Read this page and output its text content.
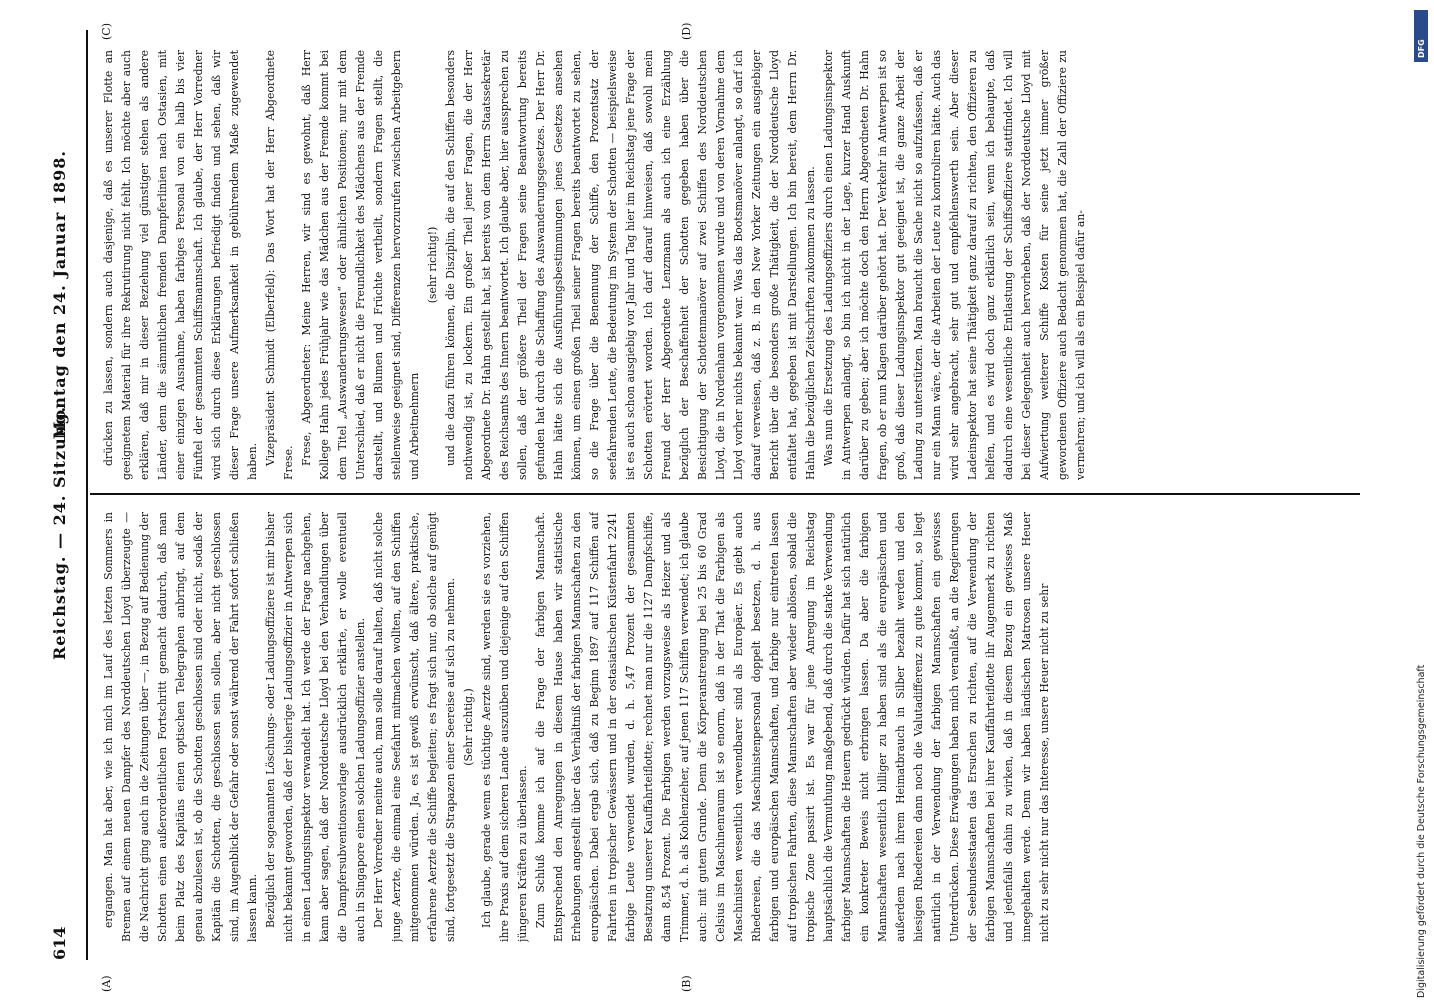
614
Reichstag. — 24. Sitzung.
Montag den 24. Januar 1898.
(A)	(B)
(C)	(D)

ergangen. Man hat aber, wie ich mich im Lauf des letzten Sommers in Bremen auf einem neuen Dampfer des Norddeutschen Lloyd überzeugte — die Nachricht ging auch in die Zeitungen über —, in Bezug auf Bedienung der Schotten einen außerordentlichen Fortschritt gemacht dadurch, daß man beim Platz des Kapitäns einen optischen Telegraphen anbringt, auf dem genau abzulesen ist, ob die Schotten geschlossen sind oder nicht, sodaß der Kapitän die Schotten, die geschlossen sein sollen, aber nicht geschlossen sind, im Augenblick der Gefahr oder sonst während der Fahrt sofort schließen lassen kann. Bezüglich der sogenannten Löschungs- oder Ladungsoffiziere ist mir bisher nicht bekannt geworden, daß der bisherige Ladungsoffizier in Antwerpen sich in einen Ladungsinspektor verwandelt hat. Ich werde der Frage nachgehen, kann aber sagen, daß der Norddeutsche Lloyd bei den Verhandlungen über die Dampfersubventionsvorlage ausdrücklich erklärte, er wolle eventuell auch in Singapore einen solchen Ladungsoffizier anstellen. Der Herr Vorredner meinte auch, man solle darauf halten, daß nicht solche junge Aerzte, die einmal eine Seefahrt mitmachen wollten, auf den Schiffen mitgenommen würden. Ja, es ist gewiß erwünscht, daß ältere, praktische, erfahrene Aerzte die Schiffe begleiten; es fragt sich nur, ob solche auf genügt sind, fortgesetzt die Strapazen einer Seereise auf sich zu nehmen. (Sehr richtig.) Ich glaube, gerade wenn es tüchtige Aerzte sind, werden sie es vorziehen, ihre Praxis auf dem sicheren Lande auszuüben und diejenige auf den Schiffen jüngeren Kräften zu überlassen. Zum Schluß komme ich auf die Frage der farbigen Mannschaft. Entsprechend den Anregungen in diesem Hause haben wir statistische Erhebungen angestellt über das Verhältniß der farbigen Mannschaften zu den europäischen. Dabei ergab sich, daß zu Beginn 1897 auf 117 Schiffen auf Fahrten in tropischer Gewässern und in der ostasiatischen Küstenfahrt 2241 farbige Leute verwendet wurden, d. h. 5,47 Prozent der gesammten Besatzung unserer Kauffahrteiflotte; rechnet man nur die 1127 Dampfschiffe, dann 8,54 Prozent. Die Farbigen werden vorzugsweise als Heizer und als Trimmer, d. h. als Kohlenzieher, auf jenen 117 Schiffen verwendet; ich glaube auch: mit gutem Grunde. Denn die Körperanstrengung bei 25 bis 60 Grad Celsius im Maschinenraum ist so enorm, daß in der That die Farbigen als Maschinisten wesentlich verwendbarer sind als Europäer. Es giebt auch Rhedereien, die das Maschinistenpersonal doppelt besetzen, d. h. aus farbigen und europäischen Mannschaften, und farbige nur eintreten lassen auf tropischen Fahrten, diese Mannschaften aber wieder ablösen, sobald die tropische Zone passirt ist. Es war für jene Anregung im Reichstag hauptsächlich die Vermuthung maßgebend, daß durch die starke Verwendung farbiger Mannschaften die Heuern gedrückt würden. Dafür hat sich natürlich ein konkreter Beweis nicht erbringen lassen. Da aber die farbigen Mannschaften wesentlich billiger zu haben sind als die europäischen und außerdem nach ihrem Heimatbrauch in Silber bezahlt werden und den hiesigen Rhedereien dann noch die Valutadifferenz zu gute kommt, so liegt natürlich in der Verwendung der farbigen Mannschaften ein gewisses Unterdrücken. Diese Erwägungen haben mich veranlaßt, an die Regierungen der Seebundesstaaten das Ersuchen zu richten, auf die Verwendung der farbigen Mannschaften bei ihrer Kauffahrteiflotte ihr Augenmerk zu richten und jedenfalls dahin zu wirken, daß in diesem Bezug ein gewisses Maß innegehalten werde. Denn wir haben ländischen Matrosen unsere Heuer nicht zu sehr nicht nur das Interesse, unsere Heuer nicht zu sehr

drücken zu lassen, sondern auch dasjenige, daß es unserer Flotte an geeignetem Material für ihre Rekrutirung nicht fehlt. Ich möchte aber auch erklären, daß mir in dieser Beziehung viel günstiger stehen als andere Länder, denn die sämmtlichen fremden Dampferlinien nach Ostasien, mit einer einzigen Ausnahme, haben farbiges Personal von ein halb bis vier Fünftel der gesammten Schiffsmannschaft. Ich glaube, der Herr Vorredner wird sich durch diese Erklärungen befriedigt finden und sehen, daß wir dieser Frage unsere Aufmerksamkeit in gebührendem Maße zugewendet haben. Vizepräsident Schmidt (Elberfeld): Das Wort hat der Herr Abgeordnete Frese. Frese, Abgeordneter: Meine Herren, wir sind es gewohnt, daß Herr Kollege Hahn jedes Frühjahr wie das Mädchen aus der Fremde kommt bei dem Titel „Auswanderungswesen“ oder ähnlichen Positionen; nur mit dem Unterschied, daß er nicht die Freundlichkeit des Mädchens aus der Fremde darstellt, und Blumen und Früchte vertheilt, sondern Fragen stellt, die stellenweise geeignet sind, Differenzen hervorzurufen zwischen Arbeitgebern und Arbeitnehmern

(sehr richtig!) und die dazu führen können, die Disziplin, die auf den Schiffen besonders nothwendig ist, zu lockern. Ein großer Theil jener Fragen, die der Herr Abgeordnete Dr. Hahn gestellt hat, ist bereits von dem Herrn Staatssekretär des Reichsamts des Innern beantwortet. Ich glaube aber, hier aussprechen zu sollen, daß der größere Theil der Fragen seine Beantwortung bereits gefunden hat durch die Schaffung des Auswanderungsgesetzes. Der Herr Dr. Hahn hätte sich die Ausführungsbestimmungen jenes Gesetzes ansehen können, um einen großen Theil seiner Fragen bereits beantwortet zu sehen, so die Frage über die Benennung der Schiffe, den Prozentsatz der seefahrenden Leute, die Bedeutung im System der Schotten — beispielsweise ist es auch schon ausgiebig vor Jahr und Tag hier im Reichstag jene Frage der Schotten erörtert worden. Ich darf darauf hinweisen, daß sowohl mein Freund der Herr Abgeordnete Lenzmann als auch ich eine Erzählung bezüglich der Beschaffenheit der Schotten gegeben haben über die Besichtigung der Schottenmanöver auf zwei Schiffen des Norddeutschen Lloyd, die in Nordenham vorgenommen wurde und von deren Vornahme dem Lloyd vorher nichts bekannt war. Was das Bootsmanöver anlangt, so darf ich darauf verweisen, daß z. B. in den New Yorker Zeitungen ein ausgiebiger Bericht über die besonders große Thätigkeit, die der Norddeutsche Lloyd entfaltet hat, gegeben ist mit Darstellungen. Ich bin bereit, dem Herrn Dr. Hahn die bezüglichen Zeitschriften zukommen zu lassen. Was nun die Ersetzung des Ladungsoffiziers durch einen Ladungsinspektor in Antwerpen anlangt, so bin ich nicht in der Lage, kurzer Hand Auskunft darüber zu geben; aber ich möchte doch den Herrn Abgeordneten Dr. Hahn fragen, ob er nun Klagen darüber gehört hat. Der Verkehr in Antwerpen ist so groß, daß dieser Ladungsinspektor gut geeignet ist, die ganze Arbeit der Ladung zu unterstützen. Man braucht die Sache nicht so aufzufassen, daß er nur ein Mann wäre, der die Arbeiten der Leute zu kontroliren hätte. Auch das wird sehr angebracht, sehr gut und empfehlenswerth sein. Aber dieser Ladeinspektor hat seine Thätigkeit ganz darauf zu richten, den Offizieren zu helfen, und es wird doch ganz erklärlich sein, wenn ich behaupte, daß dadurch eine wesentliche Entlastung der Schiffsoffiziere stattfindet. Ich will bei dieser Gelegenheit auch hervorheben, daß der Norddeutsche Lloyd mit Aufwiertung weiterer Schiffe Kosten für seine jetzt immer größer gewordenen Offiziere auch Bedacht genommen hat, die Zahl der Offiziere zu vermehren; und ich will als ein Beispiel dafür an-

DFG
Digitalisierung gefördert durch die Deutsche Forschungsgemeinschaft
